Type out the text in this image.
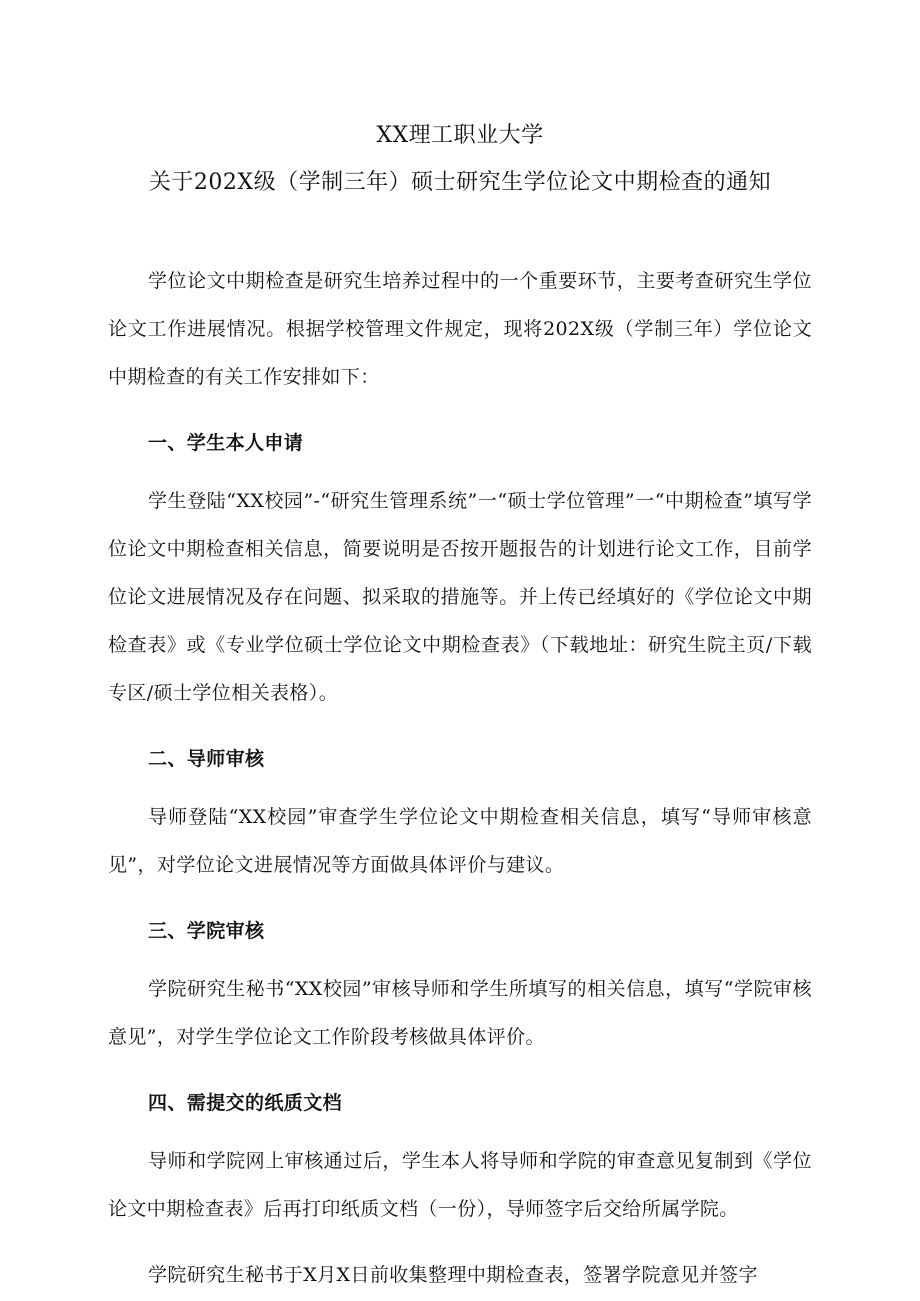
XX理工职业大学
关于202X级（学制三年）硕士研究生学位论文中期检查的通知

学位论文中期检查是研究生培养过程中的一个重要环节，主要考查研究生学位论文工作进展情况。根据学校管理文件规定，现将202X级（学制三年）学位论文中期检查的有关工作安排如下：

一、学生本人申请

学生登陆“XX校园”-“研究生管理系统”一“硕士学位管理”一“中期检查”填写学位论文中期检查相关信息，简要说明是否按开题报告的计划进行论文工作，目前学位论文进展情况及存在问题、拟采取的措施等。并上传已经填好的《学位论文中期检查表》或《专业学位硕士学位论文中期检查表》（下载地址：研究生院主页/下载专区/硕士学位相关表格）。

二、导师审核

导师登陆“XX校园”审查学生学位论文中期检查相关信息，填写“导师审核意见”，对学位论文进展情况等方面做具体评价与建议。

三、学院审核

学院研究生秘书“XX校园”审核导师和学生所填写的相关信息，填写“学院审核意见”，对学生学位论文工作阶段考核做具体评价。

四、需提交的纸质文档

导师和学院网上审核通过后，学生本人将导师和学院的审查意见复制到《学位论文中期检查表》后再打印纸质文档（一份），导师签字后交给所属学院。

学院研究生秘书于X月X日前收集整理中期检查表，签署学院意见并签字
